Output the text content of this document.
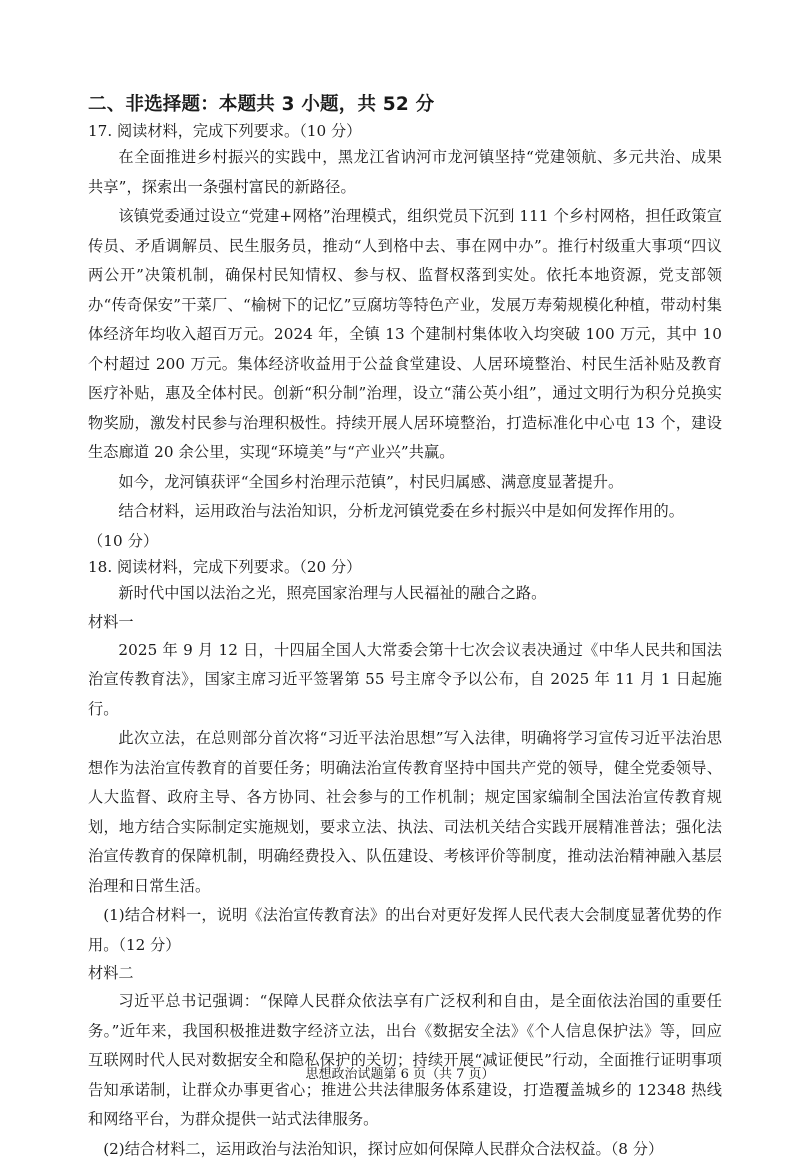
二、非选择题：本题共 3 小题，共 52 分

17. 阅读材料，完成下列要求。（10 分）

在全面推进乡村振兴的实践中，黑龙江省讷河市龙河镇坚持“党建领航、多元共治、成果共享”，探索出一条强村富民的新路径。

该镇党委通过设立“党建+网格”治理模式，组织党员下沉到 111 个乡村网格，担任政策宣传员、矛盾调解员、民生服务员，推动“人到格中去、事在网中办”。推行村级重大事项“四议两公开”决策机制，确保村民知情权、参与权、监督权落到实处。依托本地资源，党支部领办“传奇保安”干菜厂、“榆树下的记忆”豆腐坊等特色产业，发展万寿菊规模化种植，带动村集体经济年均收入超百万元。2024 年，全镇 13 个建制村集体收入均突破 100 万元，其中 10 个村超过 200 万元。集体经济收益用于公益食堂建设、人居环境整治、村民生活补贴及教育医疗补贴，惠及全体村民。创新“积分制”治理，设立“蒲公英小组”，通过文明行为积分兑换实物奖励，激发村民参与治理积极性。持续开展人居环境整治，打造标准化中心屯 13 个，建设生态廊道 20 余公里，实现“环境美”与“产业兴”共赢。

如今，龙河镇获评“全国乡村治理示范镇”，村民归属感、满意度显著提升。

结合材料，运用政治与法治知识，分析龙河镇党委在乡村振兴中是如何发挥作用的。

（10 分）

18. 阅读材料，完成下列要求。（20 分）

新时代中国以法治之光，照亮国家治理与人民福祉的融合之路。

材料一

2025 年 9 月 12 日，十四届全国人大常委会第十七次会议表决通过《中华人民共和国法治宣传教育法》，国家主席习近平签署第 55 号主席令予以公布，自 2025 年 11 月 1 日起施行。

此次立法，在总则部分首次将“习近平法治思想”写入法律，明确将学习宣传习近平法治思想作为法治宣传教育的首要任务；明确法治宣传教育坚持中国共产党的领导，健全党委领导、人大监督、政府主导、各方协同、社会参与的工作机制；规定国家编制全国法治宣传教育规划，地方结合实际制定实施规划，要求立法、执法、司法机关结合实践开展精准普法；强化法治宣传教育的保障机制，明确经费投入、队伍建设、考核评价等制度，推动法治精神融入基层治理和日常生活。

(1)结合材料一，说明《法治宣传教育法》的出台对更好发挥人民代表大会制度显著优势的作用。（12 分）

材料二

习近平总书记强调：“保障人民群众依法享有广泛权利和自由，是全面依法治国的重要任务。”近年来，我国积极推进数字经济立法，出台《数据安全法》《个人信息保护法》等，回应互联网时代人民对数据安全和隐私保护的关切；持续开展“减证便民”行动，全面推行证明事项告知承诺制，让群众办事更省心；推进公共法律服务体系建设，打造覆盖城乡的 12348 热线和网络平台，为群众提供一站式法律服务。

(2)结合材料二，运用政治与法治知识，探讨应如何保障人民群众合法权益。（8 分）

思想政治试题第 6 页（共 7 页）
